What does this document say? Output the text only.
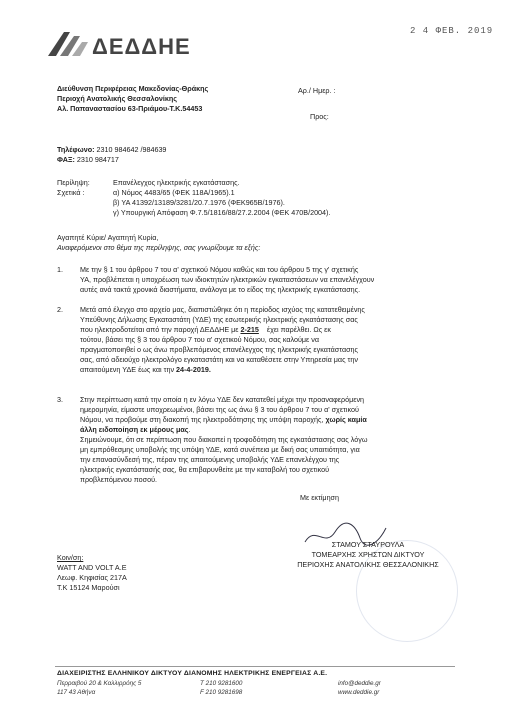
ΔΕΔΔΗΕ
2 4 ΦΕΒ. 2019
Διεύθυνση Περιφέρειας Μακεδονίας-Θράκης
Περιοχή Ανατολικής Θεσσαλονίκης
Αλ. Παπαναστασίου 63-Πριάμου-Τ.Κ.54453
Αρ./ Ημερ. :
Προς:
Τηλέφωνο: 2310 984642 /984639
ΦΑΞ: 2310 984717
Περίληψη:	Επανέλεγχος ηλεκτρικής εγκατάστασης.
Σχετικά :	α) Νόμος 4483/65 (ΦΕΚ 118Α/1965).1
β) ΥΑ 41392/13189/3281/20.7.1976 (ΦΕΚ965Β/1976).
γ) Υπουργική Απόφαση Φ.7.5/1816/88/27.2.2004 (ΦΕΚ 470Β/2004).
Αγαπητέ Κύριε/ Αγαπητή Κυρία,
Αναφερόμενοι στο θέμα της περίληψης, σας γνωρίζουμε τα εξής:
1. Με την § 1 του άρθρου 7 του α' σχετικού Νόμου καθώς και του άρθρου 5 της γ' σχετικής
ΥΑ, προβλέπεται η υποχρέωση των ιδιοκτητών ηλεκτρικών εγκαταστάσεων να επανελέγχουν
αυτές ανά τακτά χρονικά διαστήματα, ανάλογα με το είδος της ηλεκτρικής εγκατάστασης.
2. Μετά από έλεγχο στο αρχείο μας, διαπιστώθηκε ότι η περίοδος ισχύος της κατατεθειμένης
Υπεύθυνης Δήλωσης Εγκαταστάτη (ΥΔΕ) της εσωτερικής ηλεκτρικής εγκατάστασης σας
που ηλεκτροδοτείται από την παροχή ΔΕΔΔΗΕ με 2-215 έχει παρέλθει. Ως εκ
τούτου, βάσει της § 3 του άρθρου 7 του α' σχετικού Νόμου, σας καλούμε να
πραγματοποιηθεί ο ως άνω προβλεπόμενος επανέλεγχος της ηλεκτρικής εγκατάστασης
σας, από αδειούχο ηλεκτρολόγο εγκαταστάτη και να καταθέσετε στην Υπηρεσία μας την
απαιτούμενη ΥΔΕ έως και την 24-4-2019.
3. Στην περίπτωση κατά την οποία η εν λόγω ΥΔΕ δεν κατατεθεί μέχρι την προαναφερόμενη
ημερομηνία, είμαστε υποχρεωμένοι, βάσει της ως άνω § 3 του άρθρου 7 του α' σχετικού
Νόμου, να προβούμε στη διακοπή της ηλεκτροδότησης της υπόψη παροχής, χωρίς καμία
άλλη ειδοποίηση εκ μέρους μας.
Σημειώνουμε, ότι σε περίπτωση που διακοπεί η τροφοδότηση της εγκατάστασης σας λόγω
μη εμπρόθεσμης υποβολής της υπόψη ΥΔΕ, κατά συνέπεια με δική σας υπαιτιότητα, για
την επανασύνδεσή της, πέραν της απαιτούμενης υποβολής ΥΔΕ επανελέγχου της
ηλεκτρικής εγκατάστασής σας, θα επιβαρυνθείτε με την καταβολή του σχετικού
προβλεπόμενου ποσού.
Με εκτίμηση
ΣΤΑΜΟΥ ΣΤΑΥΡΟΥΛΑ
ΤΟΜΕΑΡΧΗΣ ΧΡΗΣΤΩΝ ΔΙΚΤΥΟΥ
ΠΕΡΙΟΧΗΣ ΑΝΑΤΟΛΙΚΗΣ ΘΕΣΣΑΛΟΝΙΚΗΣ
Κοιν/ση:
WATT AND VOLT A.E
Λεωφ. Κηφισίας 217Α
Τ.Κ 15124 Μαρούσι
ΔΙΑΧΕΙΡΙΣΤΗΣ ΕΛΛΗΝΙΚΟΥ ΔΙΚΤΥΟΥ ΔΙΑΝΟΜΗΣ ΗΛΕΚΤΡΙΚΗΣ ΕΝΕΡΓΕΙΑΣ Α.Ε.
Περραιβού 20 & Καλλιρρόης 5
117 43 Αθήνα
Τ 210 9281600
F 210 9281698
info@deddie.gr
www.deddie.gr
